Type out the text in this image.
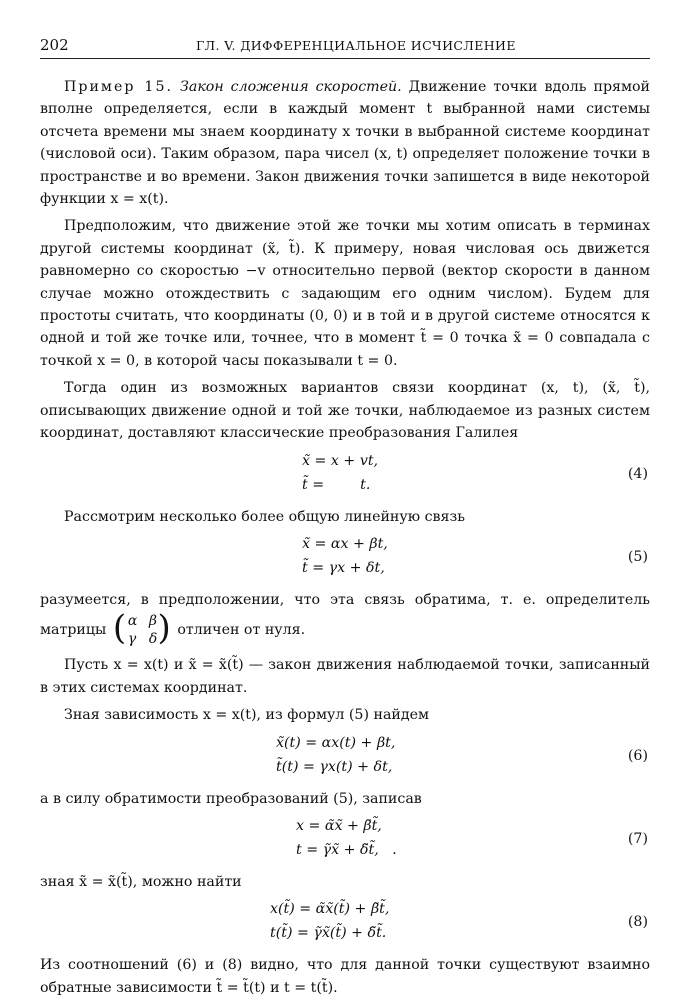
202	ГЛ. V. ДИФФЕРЕНЦИАЛЬНОЕ ИСЧИСЛЕНИЕ

Пример 15. Закон сложения скоростей. Движение точки вдоль прямой вполне определяется, если в каждый момент t выбранной нами системы отсчета времени мы знаем координату x точки в выбранной системе координат (числовой оси). Таким образом, пара чисел (x, t) определяет положение точки в пространстве и во времени. Закон движения точки запишется в виде некоторой функции x = x(t).

Предположим, что движение этой же точки мы хотим описать в терминах другой системы координат (x̃, t̃). К примеру, новая числовая ось движется равномерно со скоростью −v относительно первой (вектор скорости в данном случае можно отождествить с задающим его одним числом). Будем для простоты считать, что координаты (0, 0) и в той и в другой системе относятся к одной и той же точке или, точнее, что в момент t̃ = 0 точка x̃ = 0 совпадала с точкой x = 0, в которой часы показывали t = 0.

Тогда один из возможных вариантов связи координат (x, t), (x̃, t̃), описывающих движение одной и той же точки, наблюдаемое из разных систем координат, доставляют классические преобразования Галилея

x̃ = x + vt,
t̃ =        t.
(4)

Рассмотрим несколько более общую линейную связь

x̃ = αx + βt,
t̃ = γx + δt,
(5)

разумеется, в предположении, что эта связь обратима, т. е. определитель матрицы ( α β
γ δ ) отличен от нуля.

Пусть x = x(t) и x̃ = x̃(t̃) — закон движения наблюдаемой точки, записанный в этих системах координат.

Зная зависимость x = x(t), из формул (5) найдем

x̃(t) = αx(t) + βt,
t̃(t) = γx(t) + δt,
(6)

а в силу обратимости преобразований (5), записав

x = α̃x̃ + β̃t̃,
t = γ̃x̃ + δ̃t̃,   .
(7)

зная x̃ = x̃(t̃), можно найти

x(t̃) = α̃x̃(t̃) + β̃t̃,
t(t̃) = γ̃x̃(t̃) + δ̃t̃.
(8)

Из соотношений (6) и (8) видно, что для данной точки существуют взаимно обратные зависимости t̃ = t̃(t) и t = t(t̃).
